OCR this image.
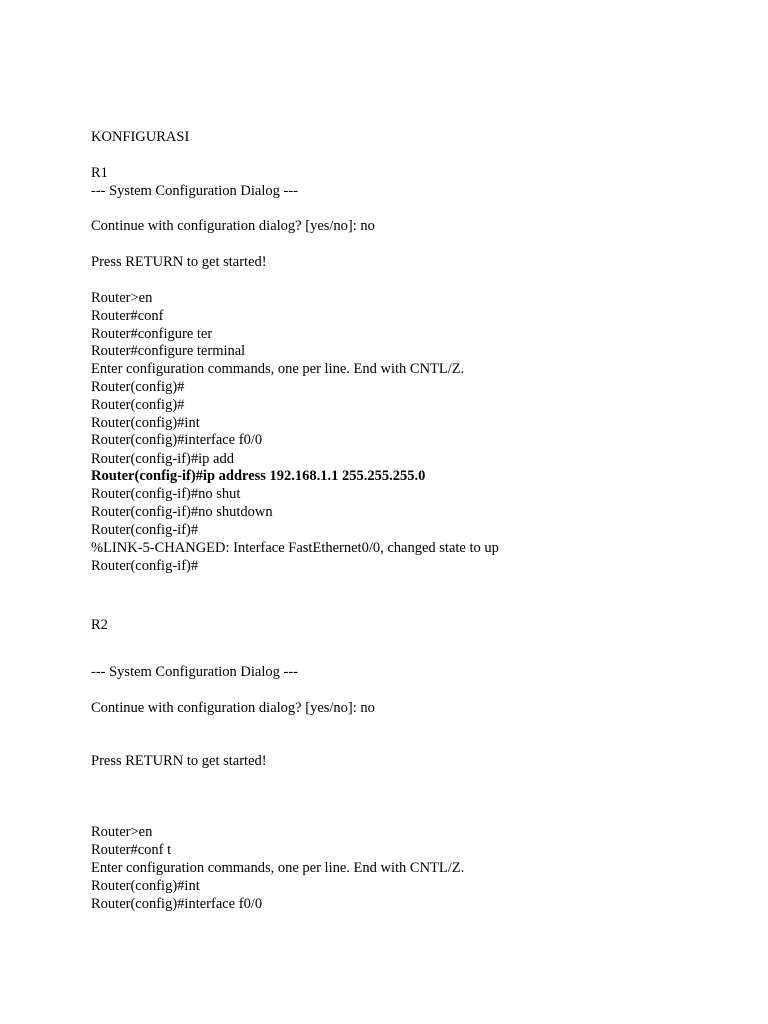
KONFIGURASI

R1

--- System Configuration Dialog ---

Continue with configuration dialog? [yes/no]: no

Press RETURN to get started!

Router>en

Router#conf

Router#configure ter

Router#configure terminal

Enter configuration commands, one per line. End with CNTL/Z.

Router(config)#

Router(config)#

Router(config)#int

Router(config)#interface f0/0

Router(config-if)#ip add

Router(config-if)#ip address 192.168.1.1 255.255.255.0

Router(config-if)#no shut

Router(config-if)#no shutdown

Router(config-if)#

%LINK-5-CHANGED: Interface FastEthernet0/0, changed state to up

Router(config-if)#

R2

--- System Configuration Dialog ---

Continue with configuration dialog? [yes/no]: no

Press RETURN to get started!

Router>en

Router#conf t

Enter configuration commands, one per line. End with CNTL/Z.

Router(config)#int

Router(config)#interface f0/0
